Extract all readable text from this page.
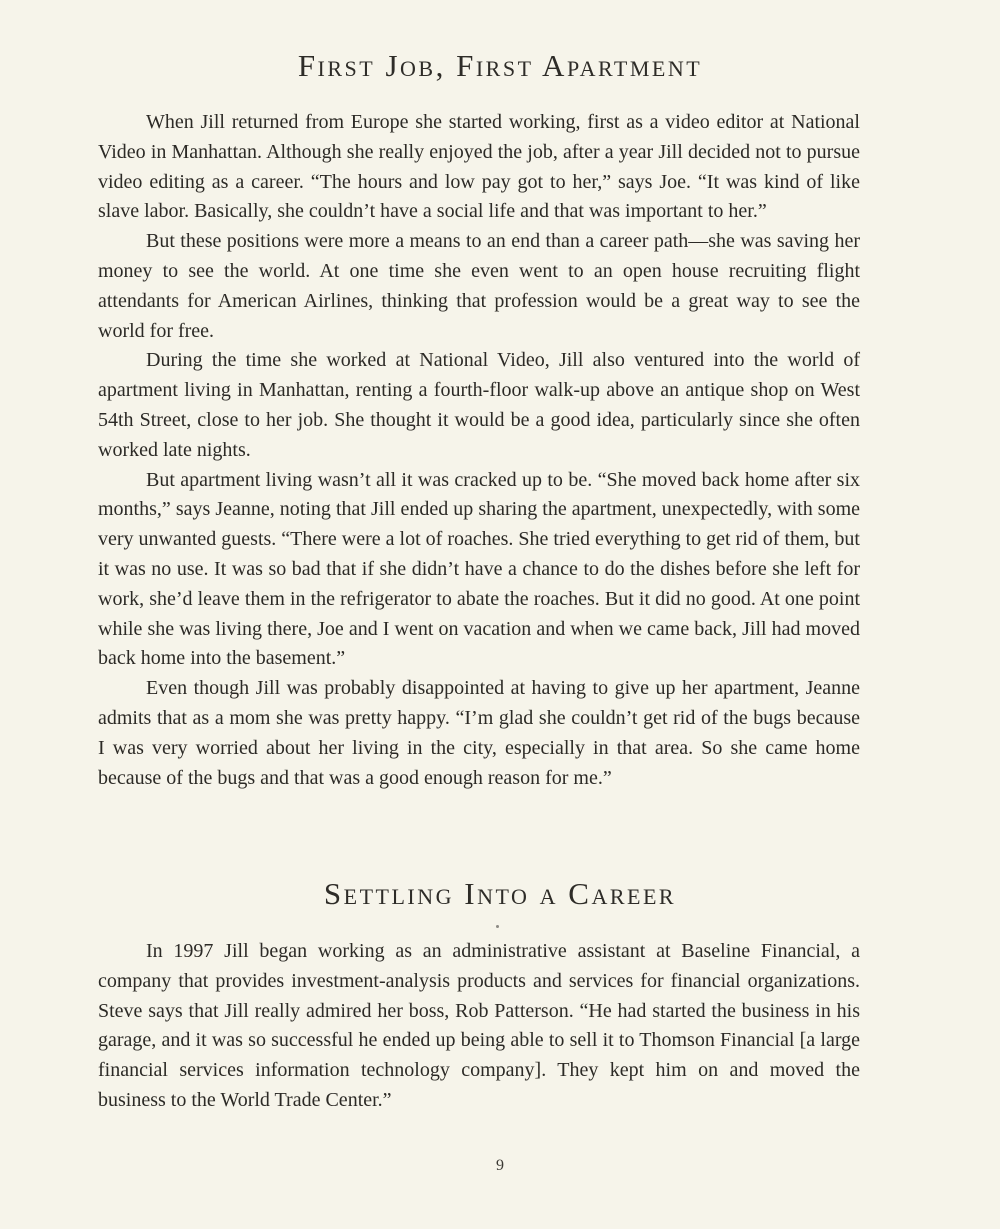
First Job, First Apartment

When Jill returned from Europe she started working, first as a video editor at National Video in Manhattan. Although she really enjoyed the job, after a year Jill decided not to pursue video editing as a career. “The hours and low pay got to her,” says Joe. “It was kind of like slave labor. Basically, she couldn’t have a social life and that was important to her.”

But these positions were more a means to an end than a career path—she was saving her money to see the world. At one time she even went to an open house recruiting flight attendants for American Airlines, thinking that profession would be a great way to see the world for free.

During the time she worked at National Video, Jill also ventured into the world of apartment living in Manhattan, renting a fourth-floor walk-up above an antique shop on West 54th Street, close to her job. She thought it would be a good idea, particularly since she often worked late nights.

But apartment living wasn’t all it was cracked up to be. “She moved back home after six months,” says Jeanne, noting that Jill ended up sharing the apartment, unexpectedly, with some very unwanted guests. “There were a lot of roaches. She tried everything to get rid of them, but it was no use. It was so bad that if she didn’t have a chance to do the dishes before she left for work, she’d leave them in the refrigerator to abate the roaches. But it did no good. At one point while she was living there, Joe and I went on vacation and when we came back, Jill had moved back home into the basement.”

Even though Jill was probably disappointed at having to give up her apartment, Jeanne admits that as a mom she was pretty happy. “I’m glad she couldn’t get rid of the bugs because I was very worried about her living in the city, especially in that area. So she came home because of the bugs and that was a good enough reason for me.”

Settling Into a Career

In 1997 Jill began working as an administrative assistant at Baseline Financial, a company that provides investment-analysis products and services for financial organizations. Steve says that Jill really admired her boss, Rob Patterson. “He had started the business in his garage, and it was so successful he ended up being able to sell it to Thomson Financial [a large financial services information technology company]. They kept him on and moved the business to the World Trade Center.”

9
